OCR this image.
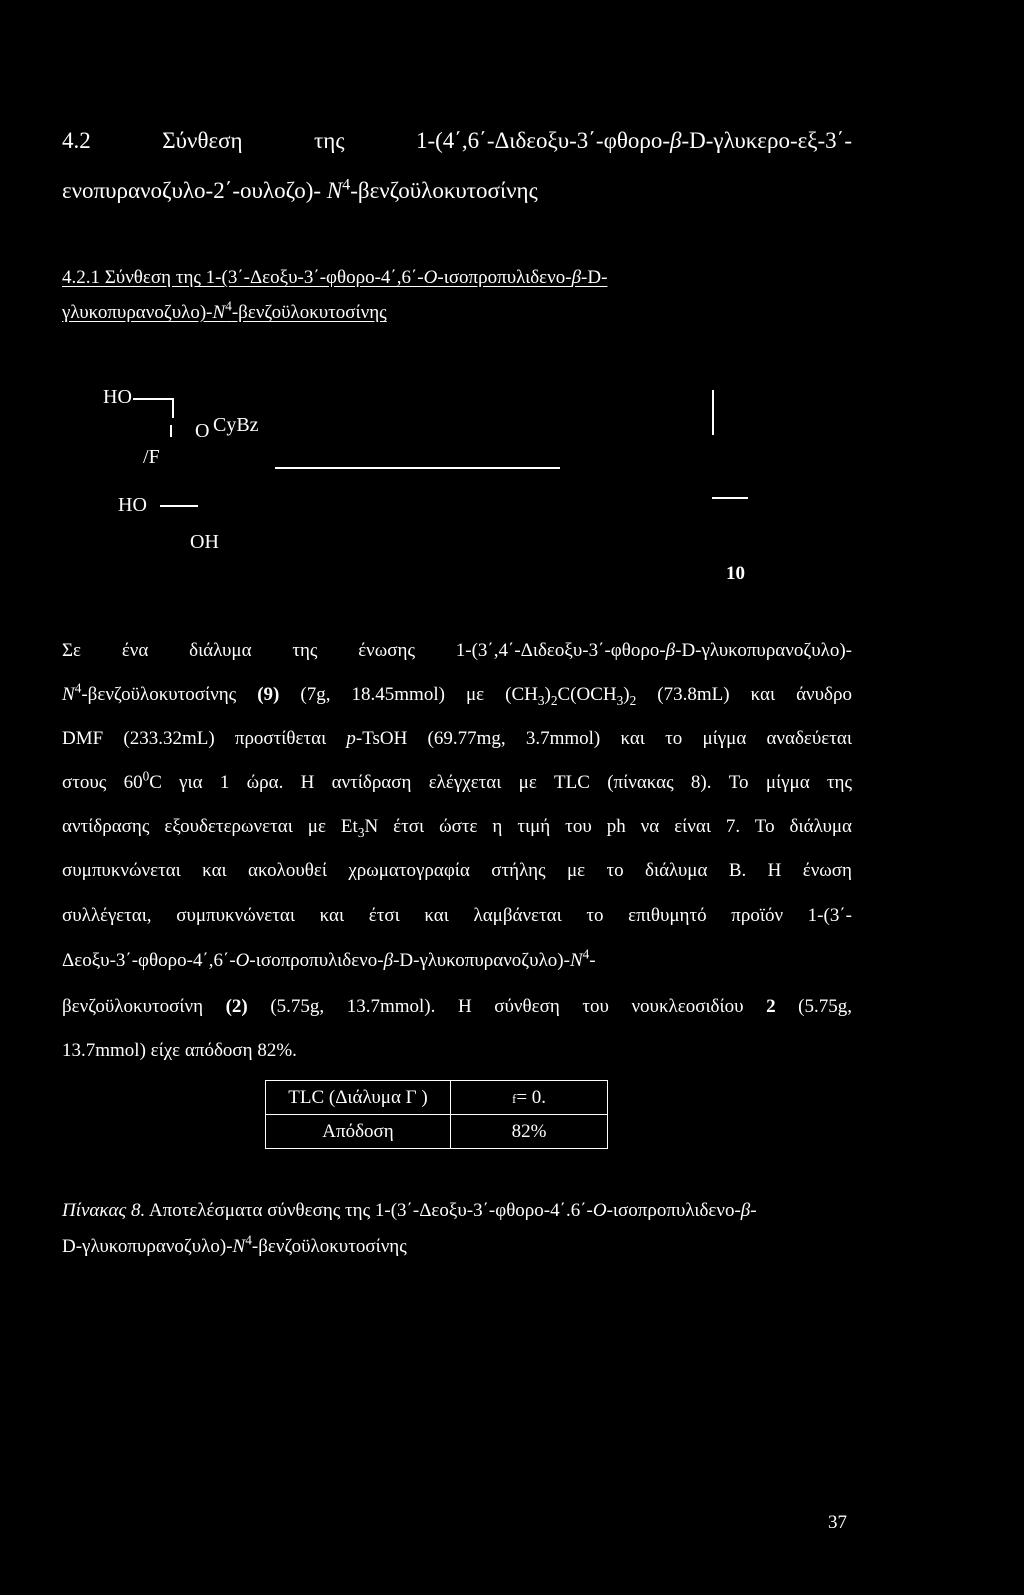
4.2 Σύνθεση της 1-(4΄,6΄-Διδεοξυ-3΄-φθορο-β-D-γλυκερο-εξ-3΄-
ενοπυρανοζυλο-2΄-ουλοζο)- $N^4$-βενζοϋλοκυτοσίνης
4.2.1 Σύνθεση της 1-(3΄-Δεοξυ-3΄-φθορο-4΄,6΄-O-ισοπροπυλιδενο-β-D-
$\gamma\lambda\upsilon\kappa o\pi\upsilon\rho\alpha\nu o\zeta\upsilon\lambda o)-N^4$-βενζοϋλοκυτοσίνης
HO
O CyBz
/F
HO
OH
10
Σε ένα διάλυμα της ένωσης 1-(3΄,4΄-Διδεοξυ-3΄-φθορο-β-D-γλυκοπυρανοζυλο)-
$N^4$-βενζοϋλοκυτοσίνης (9) (7g, 18.45mmol) με $(CH_3)_2C(OCH_3)_2$ (73.8mL) και άνυδρο
DMF (233.32mL) προστίθεται p-TsOH (69.77mg, 3.7mmol) και το μίγμα αναδεύεται
στους $60^0C$ για 1 ώρα. Η αντίδραση ελέγχεται με TLC (πίνακας 8). Το μίγμα της
αντίδρασης εξουδετερωνεται με $Et_3N$ έτσι ώστε η τιμή του ph να είναι 7. Το διάλυμα
συμπυκνώνεται και ακολουθεί χρωματογραφία στήλης με το διάλυμα Β. Η ένωση
συλλέγεται, συμπυκνώνεται και έτσι και λαμβάνεται το επιθυμητό προϊόν 1-(3΄-
Δεοξυ-$3΄-\varphi\theta o\rho o-4΄,6΄-O-\iota\sigma o\pi\rho o\pi\upsilon\lambda\iota\delta\varepsilon\nu o-\beta-D-\gamma\lambda\upsilon\kappa o\pi\upsilon\rho\alpha\nu o\zeta\upsilon\lambda o)-N^4-$
βενζοϋλοκυτοσίνη (2) (5.75g, 13.7mmol). Η σύνθεση του νουκλεοσιδίου 2 (5.75g,
13.7mmol) είχε απόδοση 82%.
TLC (Διάλυμα Γ )	f= 0.
Απόδοση	82%
Πίνακας 8. Αποτελέσματα σύνθεσης της 1-(3΄-Δεοξυ-3΄-φθορο-4΄.6΄-O-ισοπροπυλιδενο-β-
$D-\gamma\lambda\upsilon\kappa o\pi\upsilon\rho\alpha\nu o\zeta\upsilon\lambda o)-N^4$-βενζοϋλοκυτοσίνης
37
